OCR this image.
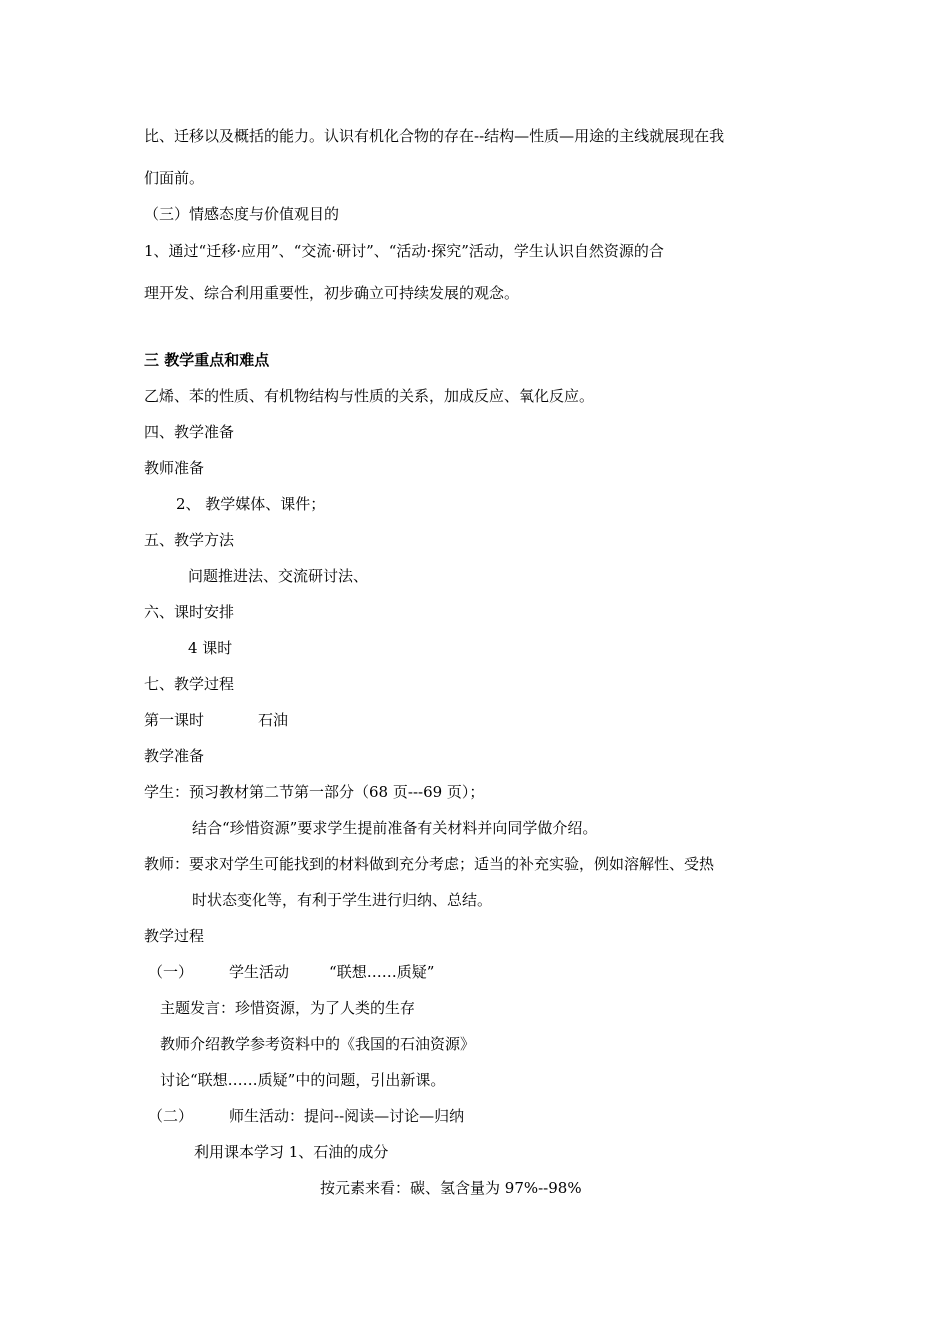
比、迁移以及概括的能力。认识有机化合物的存在--结构—性质—用途的主线就展现在我
们面前。
（三）情感态度与价值观目的
1、通过“迁移·应用”、“交流·研讨”、“活动·探究”活动，学生认识自然资源的合
理开发、综合利用重要性，初步确立可持续发展的观念。
三 教学重点和难点
乙烯、苯的性质、有机物结构与性质的关系，加成反应、氧化反应。
四、教学准备
教师准备
2、 教学媒体、课件；
五、教学方法
问题推进法、交流研讨法、
六、课时安排
4 课时
七、教学过程
第一课时	石油
教学准备
学生：预习教材第二节第一部分（68 页---69 页）；
结合“珍惜资源”要求学生提前准备有关材料并向同学做介绍。
教师：要求对学生可能找到的材料做到充分考虑；适当的补充实验，例如溶解性、受热
时状态变化等，有利于学生进行归纳、总结。
教学过程
（一） 学生活动	“联想……质疑”
主题发言：珍惜资源，为了人类的生存
教师介绍教学参考资料中的《我国的石油资源》
讨论“联想……质疑”中的问题，引出新课。
（二） 师生活动：提问--阅读—讨论—归纳
利用课本学习 1、石油的成分
按元素来看：碳、氢含量为 97%--98%
